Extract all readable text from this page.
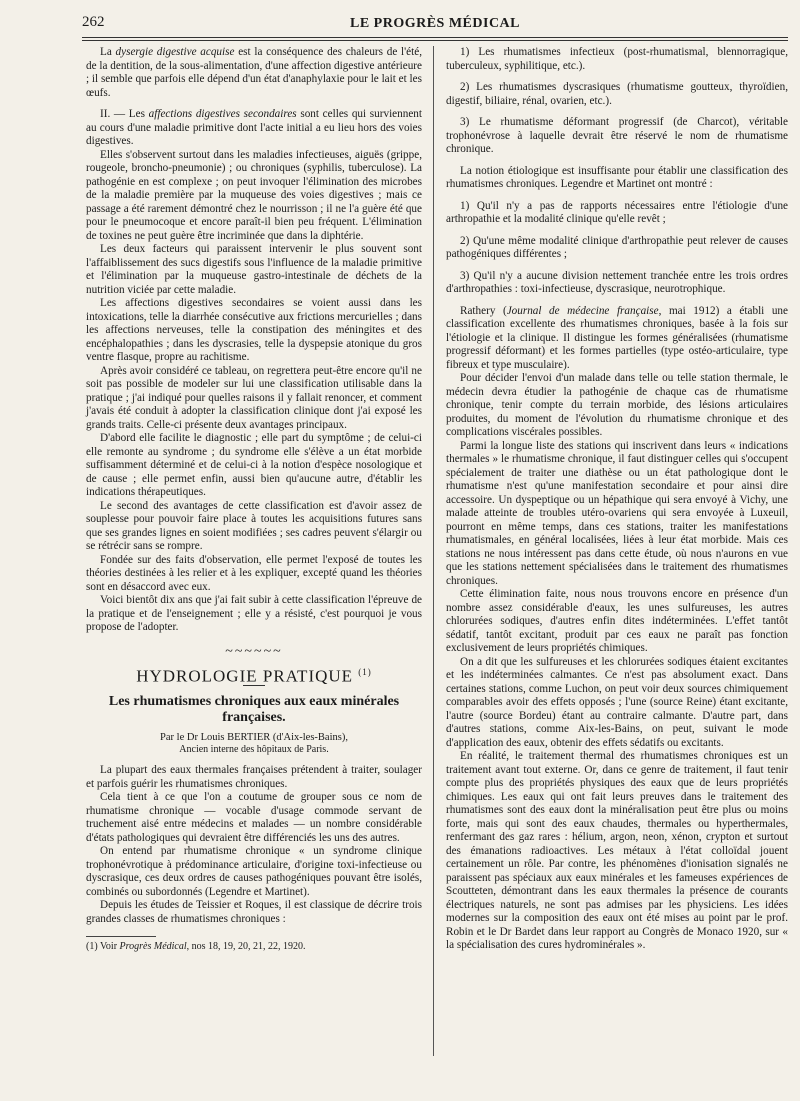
262	LE PROGRÈS MÉDICAL

La dysergie digestive acquise est la conséquence des chaleurs de l'été, de la dentition, de la sous-alimentation, d'une affection digestive antérieure ; il semble que parfois elle dépend d'un état d'anaphylaxie pour le lait et les œufs.

II. — Les affections digestives secondaires sont celles qui surviennent au cours d'une maladie primitive dont l'acte initial a eu lieu hors des voies digestives.

Elles s'observent surtout dans les maladies infectieuses, aiguës (grippe, rougeole, broncho-pneumonie) ; ou chroniques (syphilis, tuberculose). La pathogénie en est complexe ; on peut invoquer l'élimination des microbes de la maladie première par la muqueuse des voies digestives ; mais ce passage a été rarement démontré chez le nourrisson ; il ne l'a guère été que pour le pneumocoque et encore paraît-il bien peu fréquent. L'élimination de toxines ne peut guère être incriminée que dans la diphtérie.

Les deux facteurs qui paraissent intervenir le plus souvent sont l'affaiblissement des sucs digestifs sous l'influence de la maladie primitive et l'élimination par la muqueuse gastro-intestinale de déchets de la nutrition viciée par cette maladie.

Les affections digestives secondaires se voient aussi dans les intoxications, telle la diarrhée consécutive aux frictions mercurielles ; dans les affections nerveuses, telle la constipation des méningites et des encéphalopathies ; dans les dyscrasies, telle la dyspepsie atonique du gros ventre flasque, propre au rachitisme.

Après avoir considéré ce tableau, on regrettera peut-être encore qu'il ne soit pas possible de modeler sur lui une classification utilisable dans la pratique ; j'ai indiqué pour quelles raisons il y fallait renoncer, et comment j'avais été conduit à adopter la classification clinique dont j'ai exposé les grands traits. Celle-ci présente deux avantages principaux.

D'abord elle facilite le diagnostic ; elle part du symptôme ; de celui-ci elle remonte au syndrome ; du syndrome elle s'élève a un état morbide suffisamment déterminé et de celui-ci à la notion d'espèce nosologique et de cause ; elle permet enfin, aussi bien qu'aucune autre, d'établir les indications thérapeutiques.

Le second des avantages de cette classification est d'avoir assez de souplesse pour pouvoir faire place à toutes les acquisitions futures sans que ses grandes lignes en soient modifiées ; ses cadres peuvent s'élargir ou se rétrécir sans se rompre.

Fondée sur des faits d'observation, elle permet l'exposé de toutes les théories destinées à les relier et à les expliquer, excepté quand les théories sont en désaccord avec eux.

Voici bientôt dix ans que j'ai fait subir à cette classification l'épreuve de la pratique et de l'enseignement ; elle y a résisté, c'est pourquoi je vous propose de l'adopter.

~~~~~~

HYDROLOGIE PRATIQUE $^{(1)}$

Les rhumatismes chroniques aux eaux minérales françaises.

Par le Dr Louis BERTIER (d'Aix-les-Bains),

Ancien interne des hôpitaux de Paris.

La plupart des eaux thermales françaises prétendent à traiter, soulager et parfois guérir les rhumatismes chroniques.

Cela tient à ce que l'on a coutume de grouper sous ce nom de rhumatisme chronique — vocable d'usage commode servant de truchement aisé entre médecins et malades — un nombre considérable d'états pathologiques qui devraient être différenciés les uns des autres.

On entend par rhumatisme chronique « un syndrome clinique trophonévrotique à prédominance articulaire, d'origine toxi-infectieuse ou dyscrasique, ces deux ordres de causes pathogéniques pouvant être isolés, combinés ou subordonnés (Legendre et Martinet).

Depuis les études de Teissier et Roques, il est classique de décrire trois grandes classes de rhumatismes chroniques :

(1) Voir Progrès Médical, nos 18, 19, 20, 21, 22, 1920.

1) Les rhumatismes infectieux (post-rhumatismal, blennorragique, tuberculeux, syphilitique, etc.).

2) Les rhumatismes dyscrasiques (rhumatisme goutteux, thyroïdien, digestif, biliaire, rénal, ovarien, etc.).

3) Le rhumatisme déformant progressif (de Charcot), véritable trophonévrose à laquelle devrait être réservé le nom de rhumatisme chronique.

La notion étiologique est insuffisante pour établir une classification des rhumatismes chroniques. Legendre et Martinet ont montré :

1) Qu'il n'y a pas de rapports nécessaires entre l'étiologie d'une arthropathie et la modalité clinique qu'elle revêt ;

2) Qu'une même modalité clinique d'arthropathie peut relever de causes pathogéniques différentes ;

3) Qu'il n'y a aucune division nettement tranchée entre les trois ordres d'arthropathies : toxi-infectieuse, dyscrasique, neurotrophique.

Rathery (Journal de médecine française, mai 1912) a établi une classification excellente des rhumatismes chroniques, basée à la fois sur l'étiologie et la clinique. Il distingue les formes généralisées (rhumatisme progressif déformant) et les formes partielles (type ostéo-articulaire, type fibreux et type musculaire).

Pour décider l'envoi d'un malade dans telle ou telle station thermale, le médecin devra étudier la pathogénie de chaque cas de rhumatisme chronique, tenir compte du terrain morbide, des lésions articulaires produites, du moment de l'évolution du rhumatisme chronique et des complications viscérales possibles.

Parmi la longue liste des stations qui inscrivent dans leurs « indications thermales » le rhumatisme chronique, il faut distinguer celles qui s'occupent spécialement de traiter une diathèse ou un état pathologique dont le rhumatisme n'est qu'une manifestation secondaire et pour ainsi dire accessoire. Un dyspeptique ou un hépathique qui sera envoyé à Vichy, une malade atteinte de troubles utéro-ovariens qui sera envoyée à Luxeuil, pourront en même temps, dans ces stations, traiter les manifestations rhumatismales, en général localisées, liées à leur état morbide. Mais ces stations ne nous intéressent pas dans cette étude, où nous n'aurons en vue que les stations nettement spécialisées dans le traitement des rhumatismes chroniques.

Cette élimination faite, nous nous trouvons encore en présence d'un nombre assez considérable d'eaux, les unes sulfureuses, les autres chlorurées sodiques, d'autres enfin dites indéterminées. L'effet tantôt sédatif, tantôt excitant, produit par ces eaux ne paraît pas fonction exclusivement de leurs propriétés chimiques.

On a dit que les sulfureuses et les chlorurées sodiques étaient excitantes et les indéterminées calmantes. Ce n'est pas absolument exact. Dans certaines stations, comme Luchon, on peut voir deux sources chimiquement comparables avoir des effets opposés ; l'une (source Reine) étant excitante, l'autre (source Bordeu) étant au contraire calmante. D'autre part, dans d'autres stations, comme Aix-les-Bains, on peut, suivant le mode d'application des eaux, obtenir des effets sédatifs ou excitants.

En réalité, le traitement thermal des rhumatismes chroniques est un traitement avant tout externe. Or, dans ce genre de traitement, il faut tenir compte plus des propriétés physiques des eaux que de leurs propriétés chimiques. Les eaux qui ont fait leurs preuves dans le traitement des rhumatismes sont des eaux dont la minéralisation peut être plus ou moins forte, mais qui sont des eaux chaudes, thermales ou hyperthermales, renfermant des gaz rares : hélium, argon, neon, xénon, crypton et surtout des émanations radioactives. Les métaux à l'état colloïdal jouent certainement un rôle. Par contre, les phénomènes d'ionisation signalés ne paraissent pas spéciaux aux eaux minérales et les fameuses expériences de Scoutteten, démontrant dans les eaux thermales la présence de courants électriques naturels, ne sont pas admises par les physiciens. Les idées modernes sur la composition des eaux ont été mises au point par le prof. Robin et le Dr Bardet dans leur rapport au Congrès de Monaco 1920, sur « la spécialisation des cures hydrominérales ».
